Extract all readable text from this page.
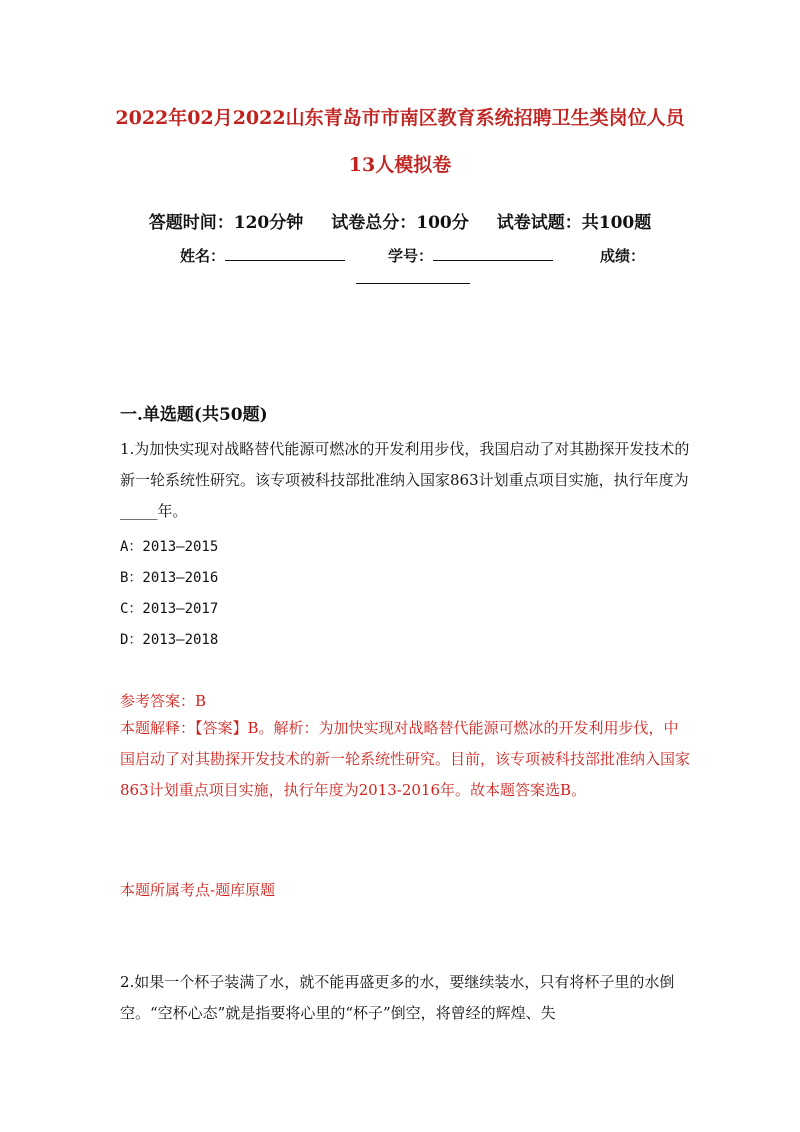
2022年02月2022山东青岛市市南区教育系统招聘卫生类岗位人员
13人模拟卷
答题时间：120分钟 试卷总分：100分 试卷试题：共100题
姓名：	学号：	成绩：
一.单选题(共50题)
1.为加快实现对战略替代能源可燃冰的开发利用步伐，我国启动了对其勘探开发技术的新一轮系统性研究。该专项被科技部批准纳入国家863计划重点项目实施，执行年度为_____年。
A：2013—2015
B：2013—2016
C：2013—2017
D：2013—2018
参考答案：B
本题解释：【答案】B。解析：为加快实现对战略替代能源可燃冰的开发利用步伐，中国启动了对其勘探开发技术的新一轮系统性研究。目前，该专项被科技部批准纳入国家863计划重点项目实施，执行年度为2013-2016年。故本题答案选B。
本题所属考点-题库原题
2.如果一个杯子装满了水，就不能再盛更多的水，要继续装水，只有将杯子里的水倒空。“空杯心态”就是指要将心里的“杯子”倒空，将曾经的辉煌、失
